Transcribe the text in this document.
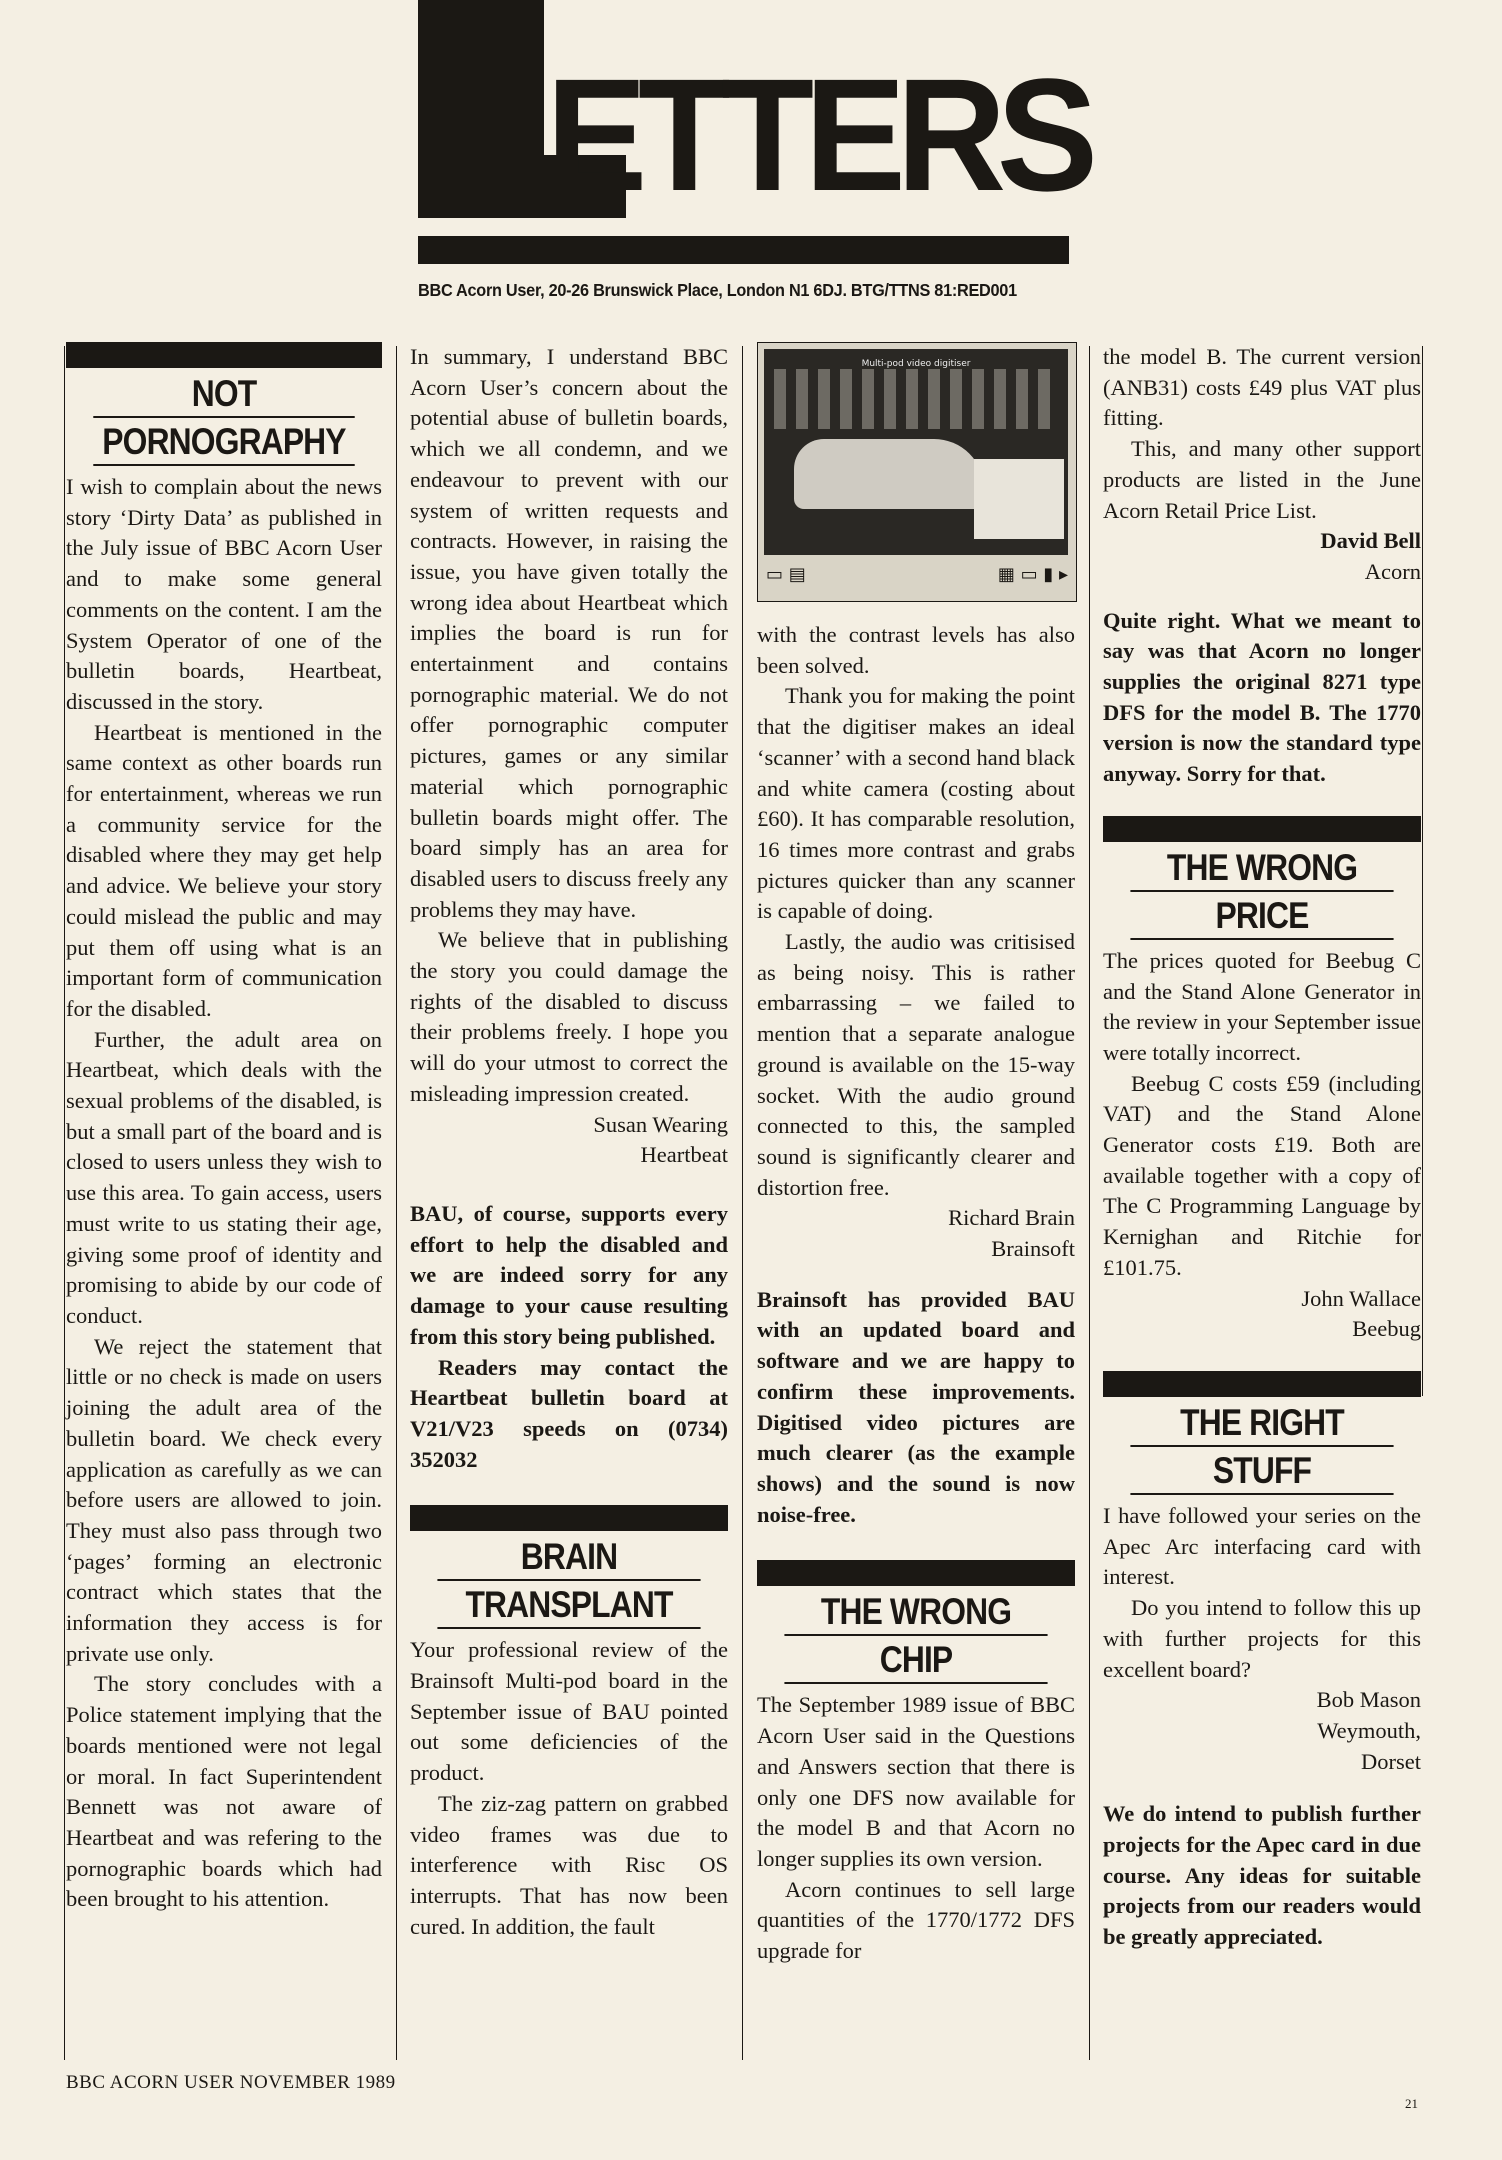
ETTERS
BBC Acorn User, 20-26 Brunswick Place, London N1 6DJ. BTG/TTNS 81:RED001
NOT
PORNOGRAPHY

I wish to complain about the news story ‘Dirty Data’ as published in the July issue of BBC Acorn User and to make some general comments on the content. I am the System Operator of one of the bulletin boards, Heartbeat, discussed in the story.

Heartbeat is mentioned in the same context as other boards run for entertainment, whereas we run a community service for the disabled where they may get help and advice. We believe your story could mislead the public and may put them off using what is an important form of communication for the disabled.

Further, the adult area on Heartbeat, which deals with the sexual problems of the disabled, is but a small part of the board and is closed to users unless they wish to use this area. To gain access, users must write to us stating their age, giving some proof of identity and promising to abide by our code of conduct.

We reject the statement that little or no check is made on users joining the adult area of the bulletin board. We check every application as carefully as we can before users are allowed to join. They must also pass through two ‘pages’ forming an electronic contract which states that the information they access is for private use only.

The story concludes with a Police statement implying that the boards mentioned were not legal or moral. In fact Superintendent Bennett was not aware of Heartbeat and was refering to the pornographic boards which had been brought to his attention.

In summary, I understand BBC Acorn User’s concern about the potential abuse of bulletin boards, which we all condemn, and we endeavour to prevent with our system of written requests and contracts. However, in raising the issue, you have given totally the wrong idea about Heartbeat which implies the board is run for entertainment and contains pornographic material. We do not offer pornographic computer pictures, games or any similar material which pornographic bulletin boards might offer. The board simply has an area for disabled users to discuss freely any problems they may have.

We believe that in publishing the story you could damage the rights of the disabled to discuss their problems freely. I hope you will do your utmost to correct the misleading impression created.

Susan Wearing

Heartbeat

BAU, of course, supports every effort to help the disabled and we are indeed sorry for any damage to your cause resulting from this story being published.

Readers may contact the Heartbeat bulletin board at V21/V23 speeds on (0734) 352032

BRAIN
TRANSPLANT

Your professional review of the Brainsoft Multi-pod board in the September issue of BAU pointed out some deficiencies of the product.

The ziz-zag pattern on grabbed video frames was due to interference with Risc OS interrupts. That has now been cured. In addition, the fault

Multi-pod video digitiser
▭ ▤	▦ ▭ ▮ ▸

with the contrast levels has also been solved.

Thank you for making the point that the digitiser makes an ideal ‘scanner’ with a second hand black and white camera (costing about £60). It has comparable resolution, 16 times more contrast and grabs pictures quicker than any scanner is capable of doing.

Lastly, the audio was critisised as being noisy. This is rather embarrassing – we failed to mention that a separate analogue ground is available on the 15-way socket. With the audio ground connected to this, the sampled sound is significantly clearer and distortion free.

Richard Brain

Brainsoft

Brainsoft has provided BAU with an updated board and software and we are happy to confirm these improvements. Digitised video pictures are much clearer (as the example shows) and the sound is now noise-free.

THE WRONG
CHIP

The September 1989 issue of BBC Acorn User said in the Questions and Answers section that there is only one DFS now available for the model B and that Acorn no longer supplies its own version.

Acorn continues to sell large quantities of the 1770/1772 DFS upgrade for

the model B. The current version (ANB31) costs £49 plus VAT plus fitting.

This, and many other support products are listed in the June Acorn Retail Price List.

David Bell

Acorn

Quite right. What we meant to say was that Acorn no longer supplies the original 8271 type DFS for the model B. The 1770 version is now the standard type anyway. Sorry for that.

THE WRONG
PRICE

The prices quoted for Beebug C and the Stand Alone Generator in the review in your September issue were totally incorrect.

Beebug C costs £59 (including VAT) and the Stand Alone Generator costs £19. Both are available together with a copy of The C Programming Language by Kernighan and Ritchie for £101.75.

John Wallace

Beebug

THE RIGHT
STUFF

I have followed your series on the Apec Arc interfacing card with interest.

Do you intend to follow this up with further projects for this excellent board?

Bob Mason

Weymouth,

Dorset

We do intend to publish further projects for the Apec card in due course. Any ideas for suitable projects from our readers would be greatly appreciated.

BBC ACORN USER NOVEMBER 1989
21
